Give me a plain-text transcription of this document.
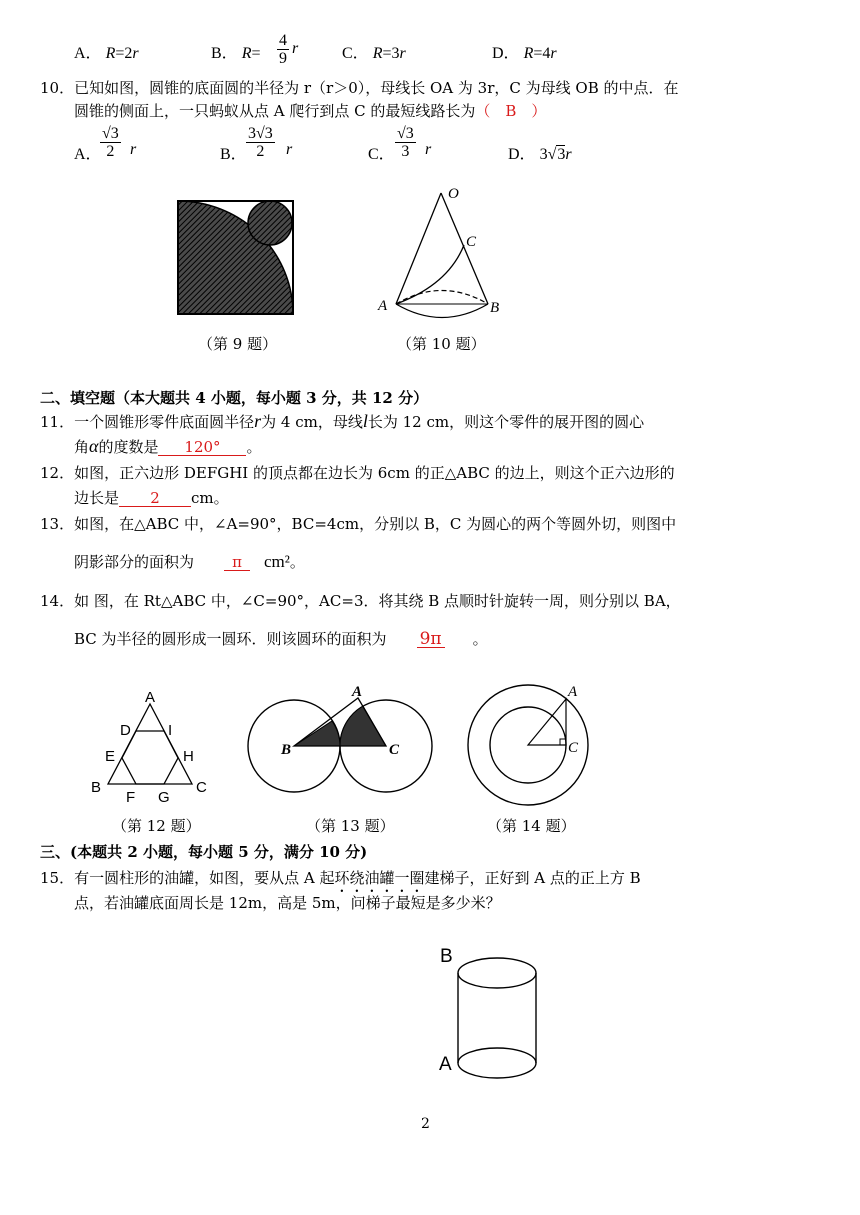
A． R=2r	B． $R= \frac{4}{9}$ r	C． R=3r	D． R=4r
10．已知如图，圆锥的底面圆的半径为 r（r＞0），母线长 OA 为 3r，C 为母线 OB 的中点．在
圆锥的侧面上，一只蚂蚁从点 A 爬行到点 C 的最短线路长为（　B　）
A．
$\frac{√3}{2}$ r	B． $\frac{3√3}{2}$ r	C． $\frac{√3}{3}$ r	D． 3√3r
（第 9 题）
O
C
A	B
（第 10 题）
二、填空题（本大题共 4 小题，每小题 3 分，共 12 分）
11．一个圆锥形零件底面圆半径r为 4 cm，母线l长为 12 cm，则这个零件的展开图的圆心
角α的度数是 120° 。
12．如图，正六边形 DEFGHI 的顶点都在边长为 6cm 的正△ABC 的边上，则这个正六边形的
边长是 2 cm。
13．如图，在△ABC 中，∠A=90°，BC=4cm，分别以 B，C 为圆心的两个等圆外切，则图中
阴影部分的面积为	π cm²。
14．如 图，在 Rt△ABC 中，∠C=90°，AC=3．将其绕 B 点顺时针旋转一周，则分别以 BA，
BC 为半径的圆形成一圆环．则该圆环的面积为 9π 。
A
D I
E	H
B
F G
C
（第 12 题）
A
B	C
（第 13 题）
A
C
（第 14 题）
三、(本题共 2 小题，每小题 5 分，满分 10 分)
15．有一圆柱形的油罐，如图，要从点 A 起环绕油罐一圈建梯子，正好到 A 点的正上方 B
点，若油罐底面周长是 12m，高是 5m，问梯子最短是多少米？
B
A
2
